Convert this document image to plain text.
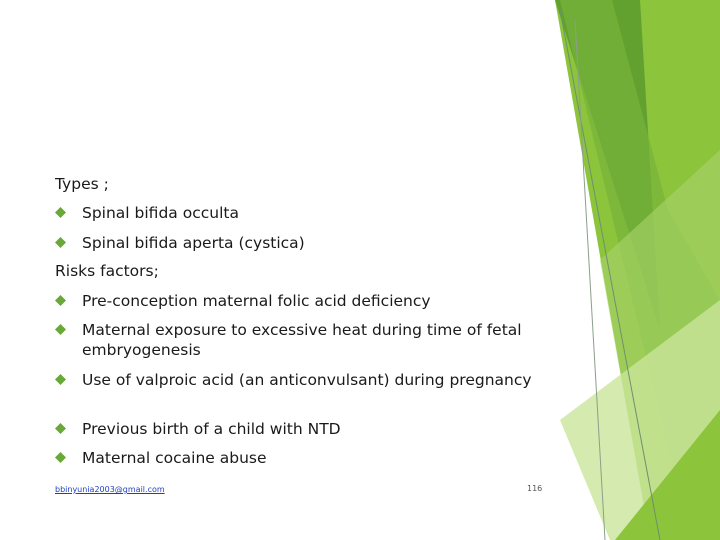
Types ;
Spinal bifida occulta
Spinal bifida aperta (cystica)
Risks factors;
Pre-conception maternal folic acid deficiency
Maternal exposure to excessive heat during time of fetal embryogenesis
Use of valproic acid (an anticonvulsant) during pregnancy
Previous birth of a child with NTD
Maternal cocaine abuse
bbinyunia2003@gmail.com	116
